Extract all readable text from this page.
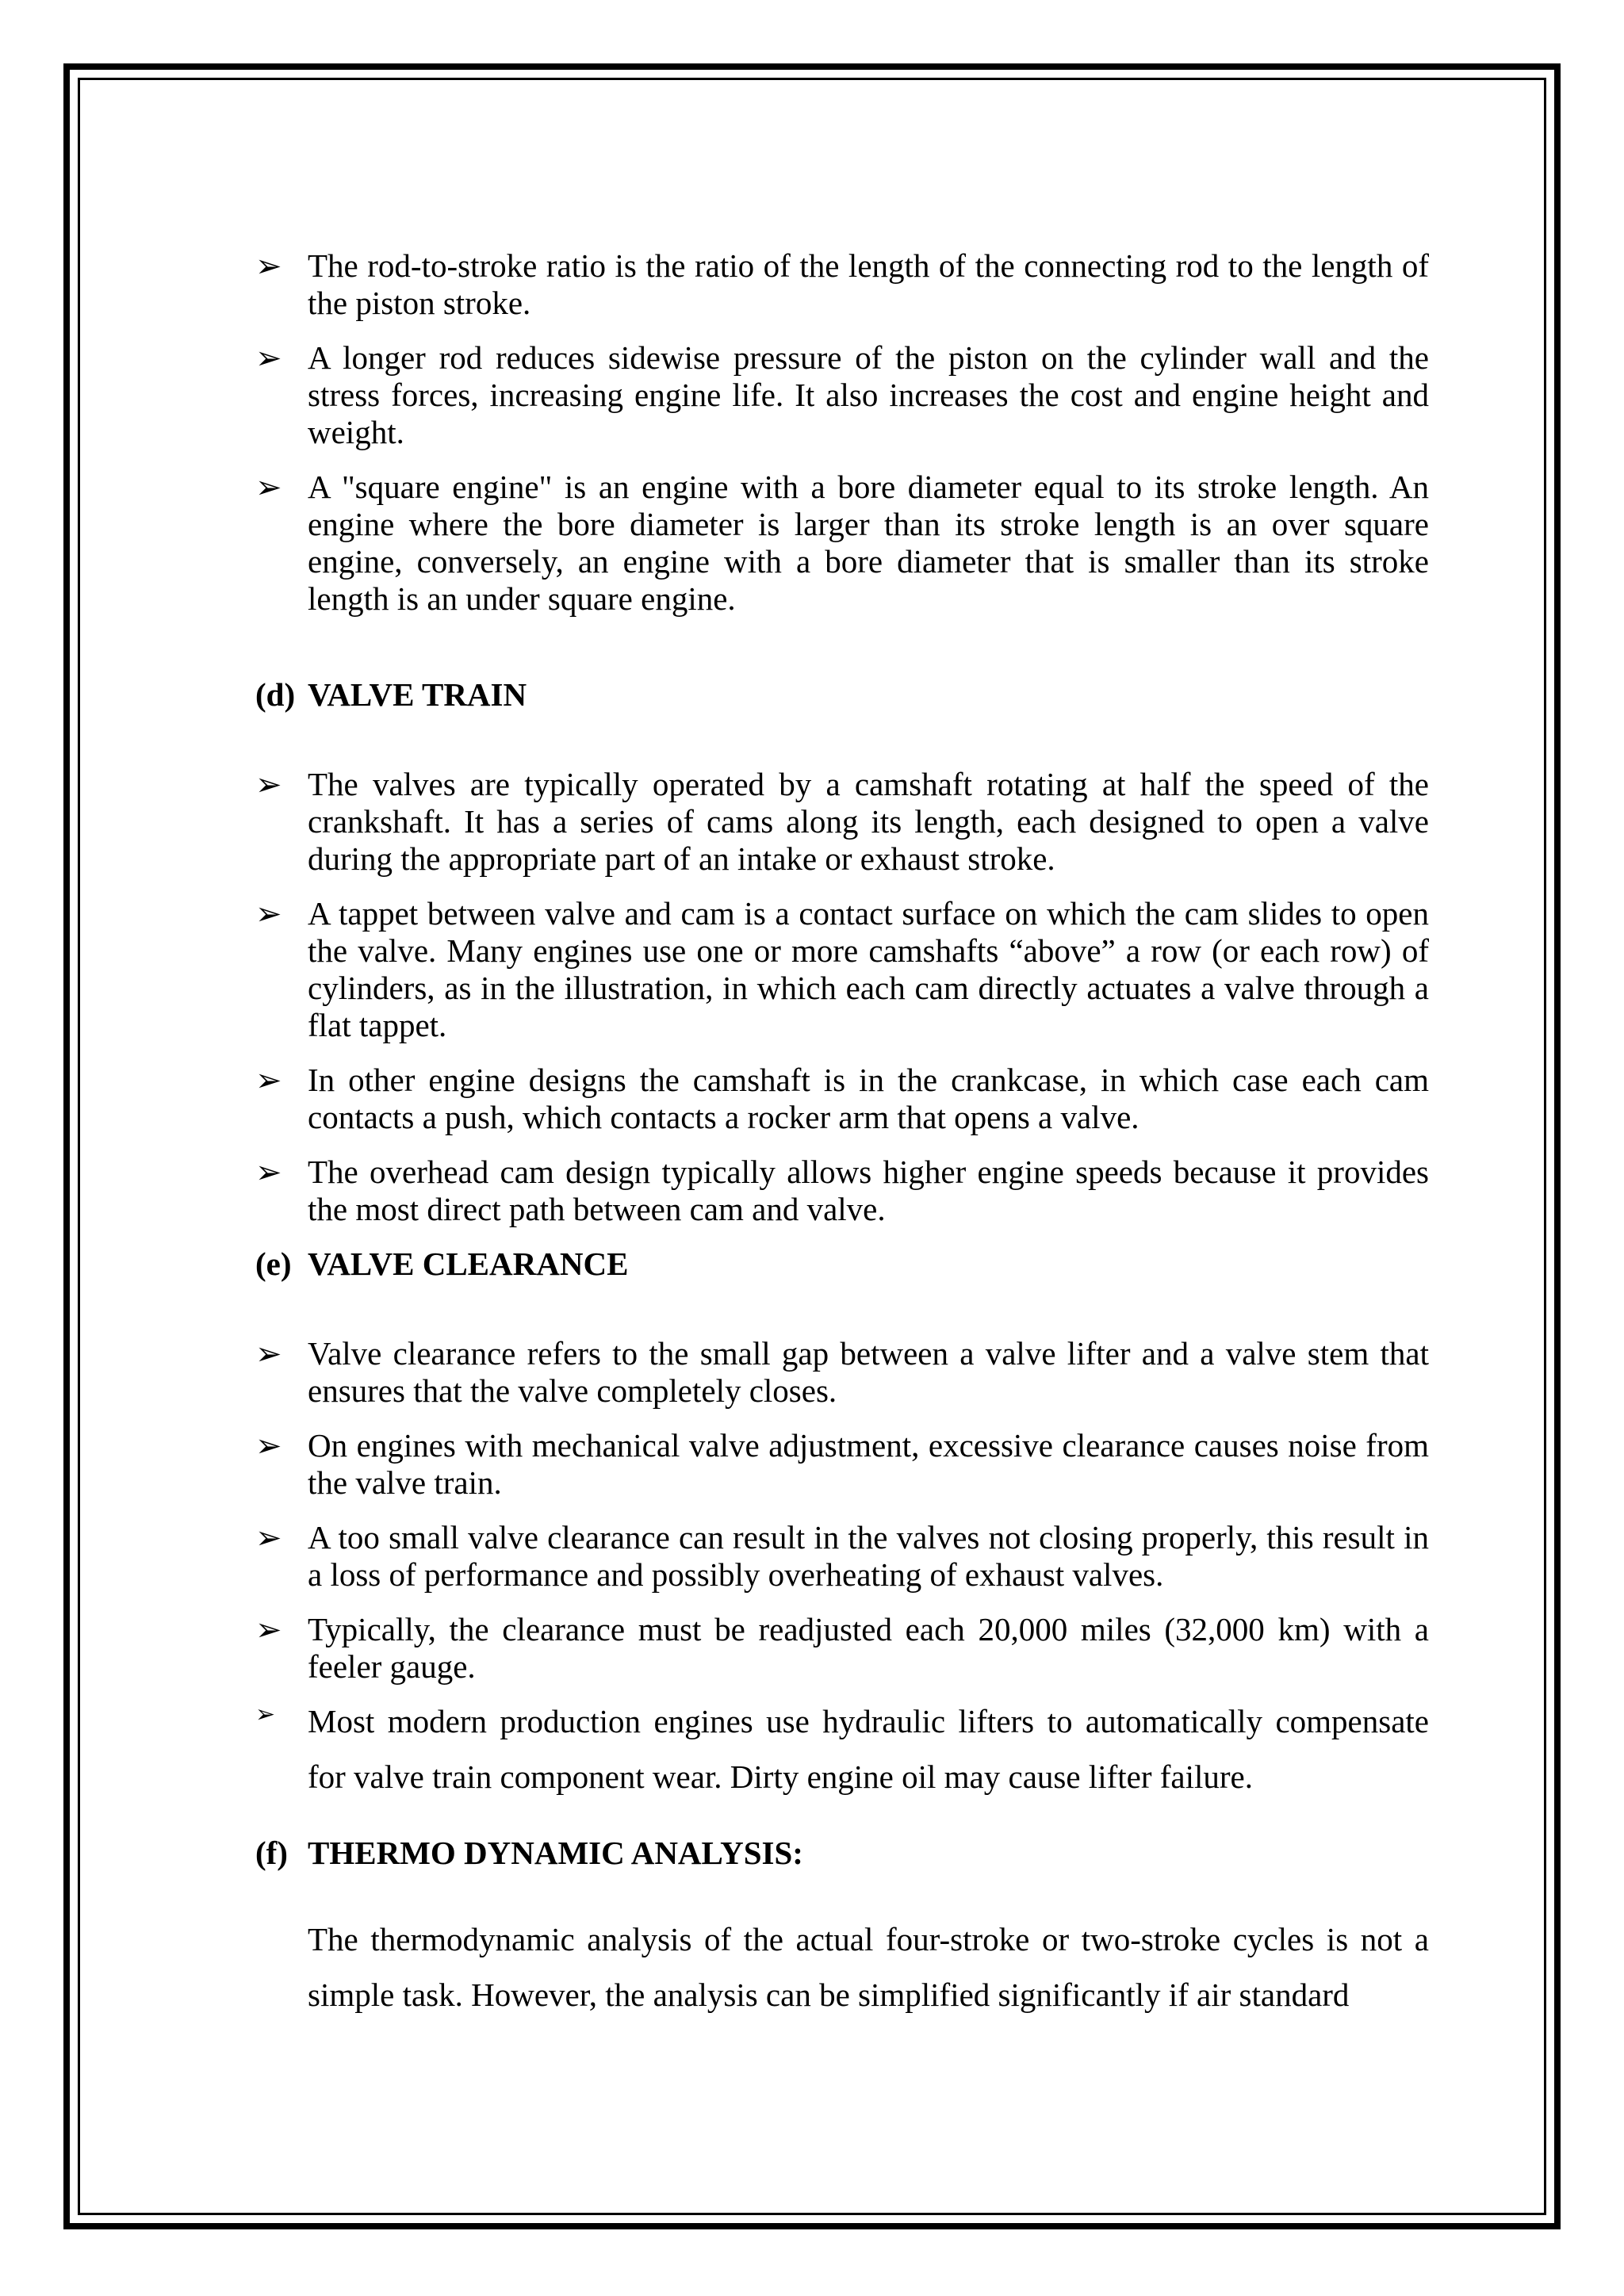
➢ The rod-to-stroke ratio is the ratio of the length of the connecting rod to the length of the piston stroke.
➢ A longer rod reduces sidewise pressure of the piston on the cylinder wall and the stress forces, increasing engine life. It also increases the cost and engine height and weight.
➢ A "square engine" is an engine with a bore diameter equal to its stroke length. An engine where the bore diameter is larger than its stroke length is an over square engine, conversely, an engine with a bore diameter that is smaller than its stroke length is an under square engine.
(d) VALVE TRAIN
➢ The valves are typically operated by a camshaft rotating at half the speed of the crankshaft. It has a series of cams along its length, each designed to open a valve during the appropriate part of an intake or exhaust stroke.
➢ A tappet between valve and cam is a contact surface on which the cam slides to open the valve. Many engines use one or more camshafts “above” a row (or each row) of cylinders, as in the illustration, in which each cam directly actuates a valve through a flat tappet.
➢ In other engine designs the camshaft is in the crankcase, in which case each cam contacts a push, which contacts a rocker arm that opens a valve.
➢ The overhead cam design typically allows higher engine speeds because it provides the most direct path between cam and valve.
(e) VALVE CLEARANCE
➢ Valve clearance refers to the small gap between a valve lifter and a valve stem that ensures that the valve completely closes.
➢ On engines with mechanical valve adjustment, excessive clearance causes noise from the valve train.
➢ A too small valve clearance can result in the valves not closing properly, this result in a loss of performance and possibly overheating of exhaust valves.
➢ Typically, the clearance must be readjusted each 20,000 miles (32,000 km) with a feeler gauge.
➢ Most modern production engines use hydraulic lifters to automatically compensate for valve train component wear. Dirty engine oil may cause lifter failure.
(f) THERMO DYNAMIC ANALYSIS:

The thermodynamic analysis of the actual four-stroke or two-stroke cycles is not a simple task. However, the analysis can be simplified significantly if air standard
